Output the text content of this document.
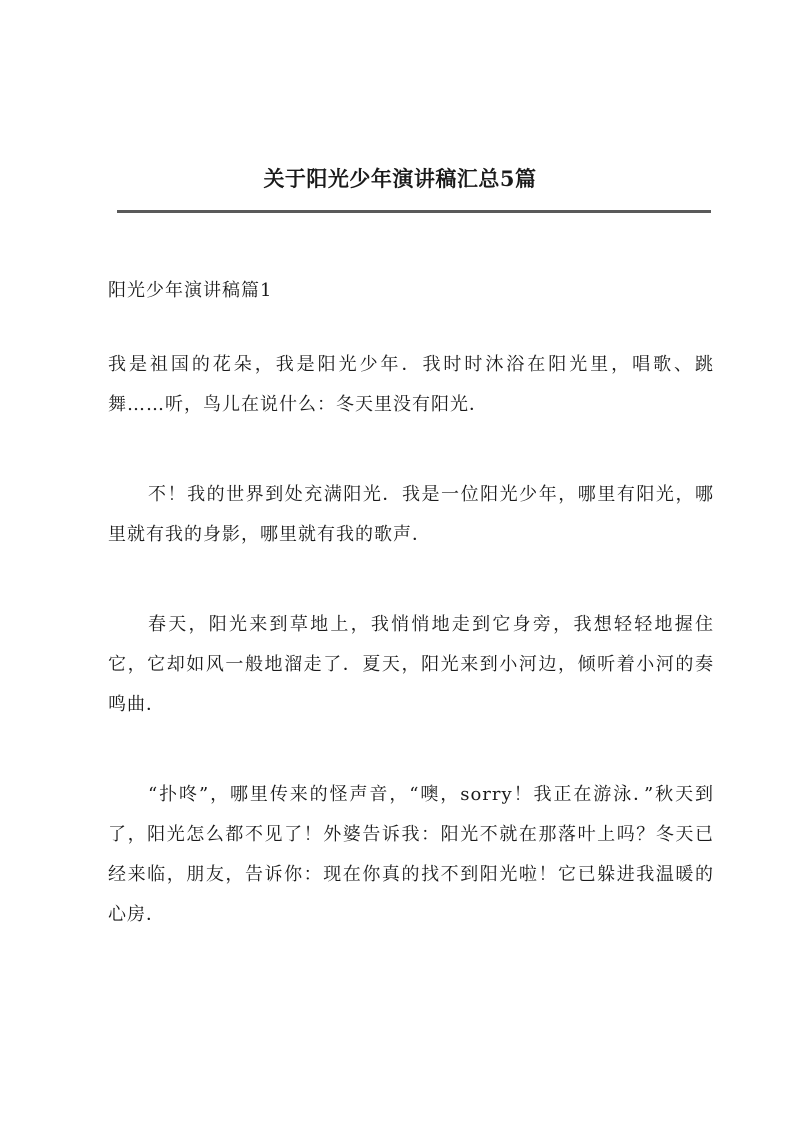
关于阳光少年演讲稿汇总5篇
阳光少年演讲稿篇1

我是祖国的花朵，我是阳光少年．我时时沐浴在阳光里，唱歌、跳舞……听，鸟儿在说什么：冬天里没有阳光．

不！我的世界到处充满阳光．我是一位阳光少年，哪里有阳光，哪里就有我的身影，哪里就有我的歌声．

春天，阳光来到草地上，我悄悄地走到它身旁，我想轻轻地握住它，它却如风一般地溜走了．夏天，阳光来到小河边，倾听着小河的奏鸣曲．

“扑咚”，哪里传来的怪声音，“噢，sorry！我正在游泳．”秋天到了，阳光怎么都不见了！外婆告诉我：阳光不就在那落叶上吗？冬天已经来临，朋友，告诉你：现在你真的找不到阳光啦！它已躲进我温暖的心房．
